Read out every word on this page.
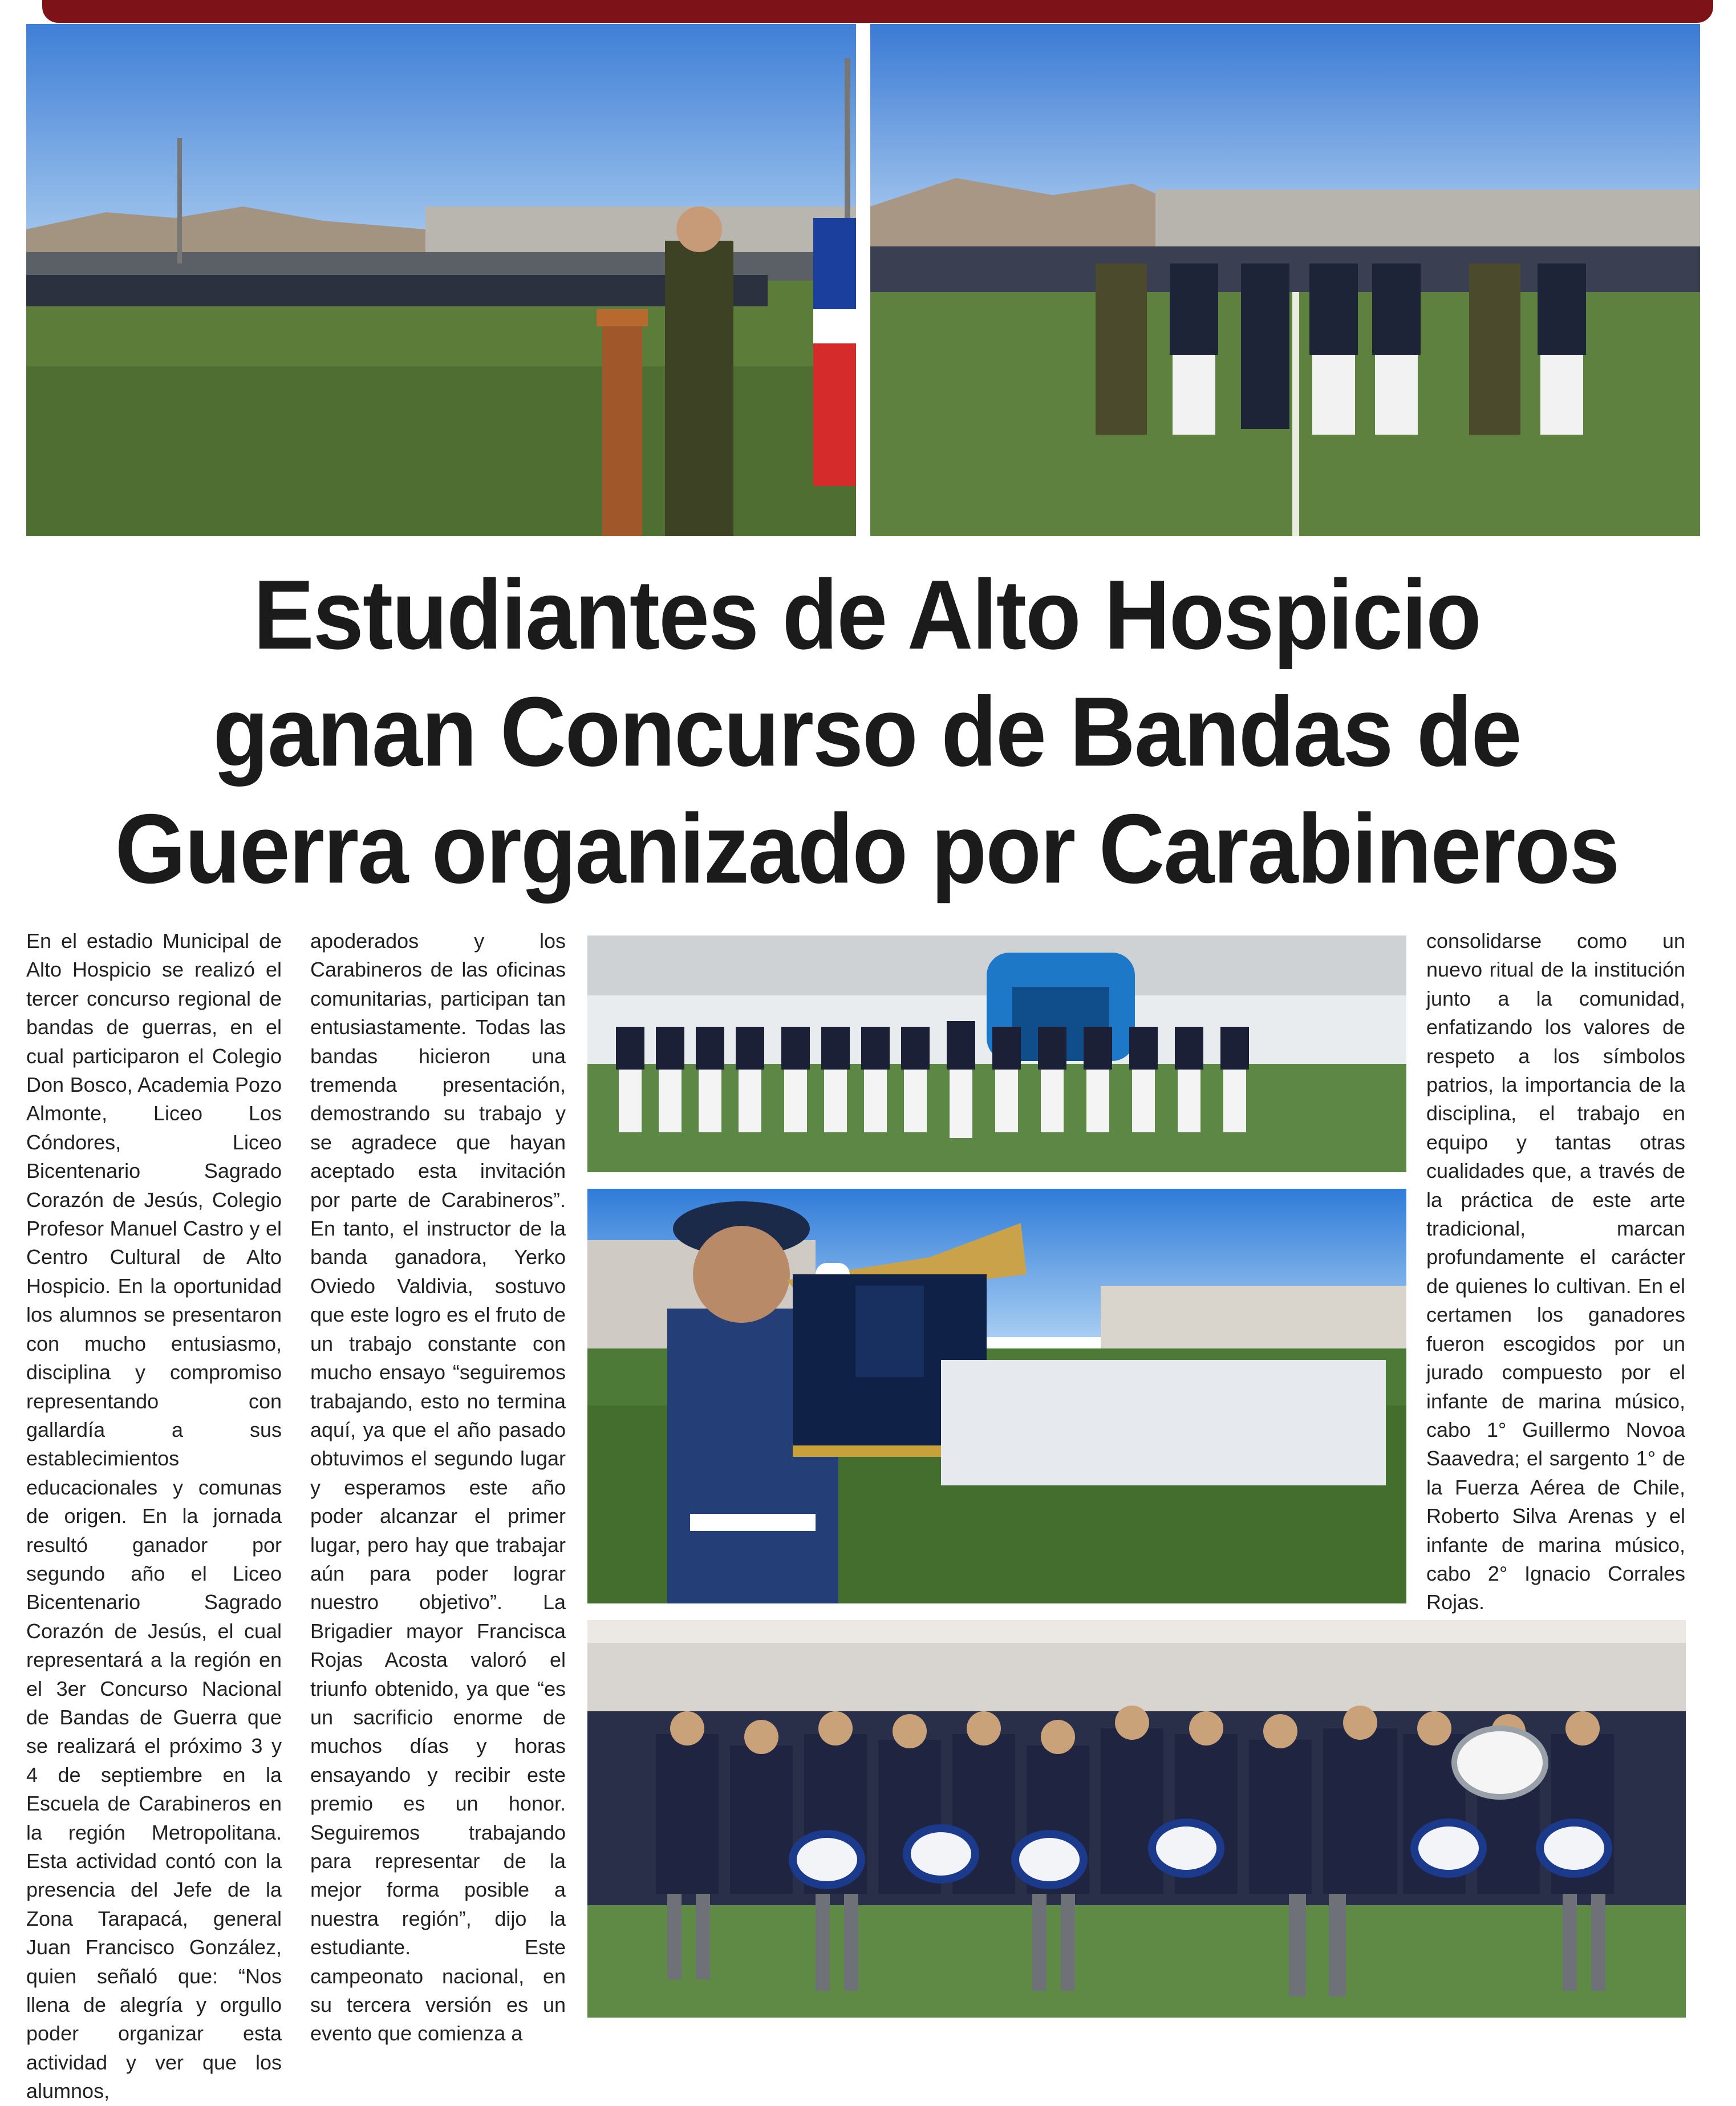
Estudiantes de Alto Hospicio
ganan Concurso de Bandas de
Guerra organizado por Carabineros

En el estadio Municipal de Alto Hospicio se realizó el tercer concurso regional de bandas de guerras, en el cual participaron el Colegio Don Bosco, Academia Pozo Almonte, Liceo Los Cóndores, Liceo Bicentenario Sagrado Corazón de Jesús, Colegio Profesor Manuel Castro y el Centro Cultural de Alto Hospicio. En la oportunidad los alumnos se presentaron con mucho entusiasmo, disciplina y compromiso representando con gallardía a sus establecimientos educacionales y comunas de origen. En la jornada resultó ganador por segundo año el Liceo Bicentenario Sagrado Corazón de Jesús, el cual representará a la región en el 3er Concurso Nacional de Bandas de Guerra que se realizará el próximo 3 y 4 de septiembre en la Escuela de Carabineros en la región Metropolitana. Esta actividad contó con la presencia del Jefe de la Zona Tarapacá, general Juan Francisco González, quien señaló que: “Nos llena de alegría y orgullo poder organizar esta actividad y ver que los alumnos,

apoderados y los Carabineros de las oficinas comunitarias, participan tan entusiastamente. Todas las bandas hicieron una tremenda presentación, demostrando su trabajo y se agradece que hayan aceptado esta invitación por parte de Carabineros”. En tanto, el instructor de la banda ganadora, Yerko Oviedo Valdivia, sostuvo que este logro es el fruto de un trabajo constante con mucho ensayo “seguiremos trabajando, esto no termina aquí, ya que el año pasado obtuvimos el segundo lugar y esperamos este año poder alcanzar el primer lugar, pero hay que trabajar aún para poder lograr nuestro objetivo”. La Brigadier mayor Francisca Rojas Acosta valoró el triunfo obtenido, ya que “es un sacrificio enorme de muchos días y horas ensayando y recibir este premio es un honor. Seguiremos trabajando para representar de la mejor forma posible a nuestra región”, dijo la estudiante. Este campeonato nacional, en su tercera versión es un evento que comienza a

consolidarse como un nuevo ritual de la institución junto a la comunidad, enfatizando los valores de respeto a los símbolos patrios, la importancia de la disciplina, el trabajo en equipo y tantas otras cualidades que, a través de la práctica de este arte tradicional, marcan profundamente el carácter de quienes lo cultivan. En el certamen los ganadores fueron escogidos por un jurado compuesto por el infante de marina músico, cabo 1° Guillermo Novoa Saavedra; el sargento 1° de la Fuerza Aérea de Chile, Roberto Silva Arenas y el infante de marina músico, cabo 2° Ignacio Corrales Rojas.
